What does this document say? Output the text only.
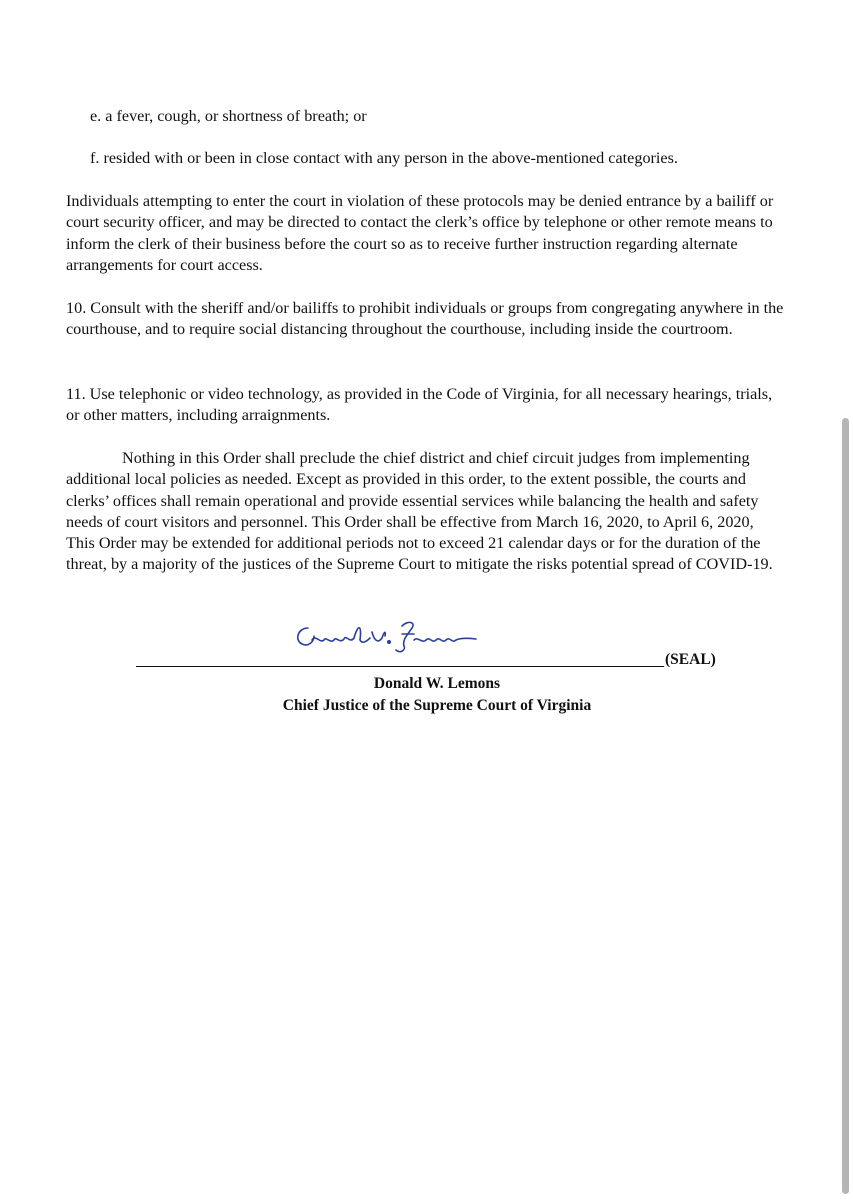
e. a fever, cough, or shortness of breath; or
f. resided with or been in close contact with any person in the above-mentioned categories.
Individuals attempting to enter the court in violation of these protocols may be denied entrance by a bailiff or court security officer, and may be directed to contact the clerk’s office by telephone or other remote means to inform the clerk of their business before the court so as to receive further instruction regarding alternate arrangements for court access.
10. Consult with the sheriff and/or bailiffs to prohibit individuals or groups from congregating anywhere in the courthouse, and to require social distancing throughout the courthouse, including inside the courtroom.
11. Use telephonic or video technology, as provided in the Code of Virginia, for all necessary hearings, trials, or other matters, including arraignments.
Nothing in this Order shall preclude the chief district and chief circuit judges from implementing additional local policies as needed. Except as provided in this order, to the extent possible, the courts and clerks’ offices shall remain operational and provide essential services while balancing the health and safety needs of court visitors and personnel. This Order shall be effective from March 16, 2020, to April 6, 2020, This Order may be extended for additional periods not to exceed 21 calendar days or for the duration of the threat, by a majority of the justices of the Supreme Court to mitigate the risks potential spread of COVID-19.
(SEAL)
Donald W. Lemons
Chief Justice of the Supreme Court of Virginia
